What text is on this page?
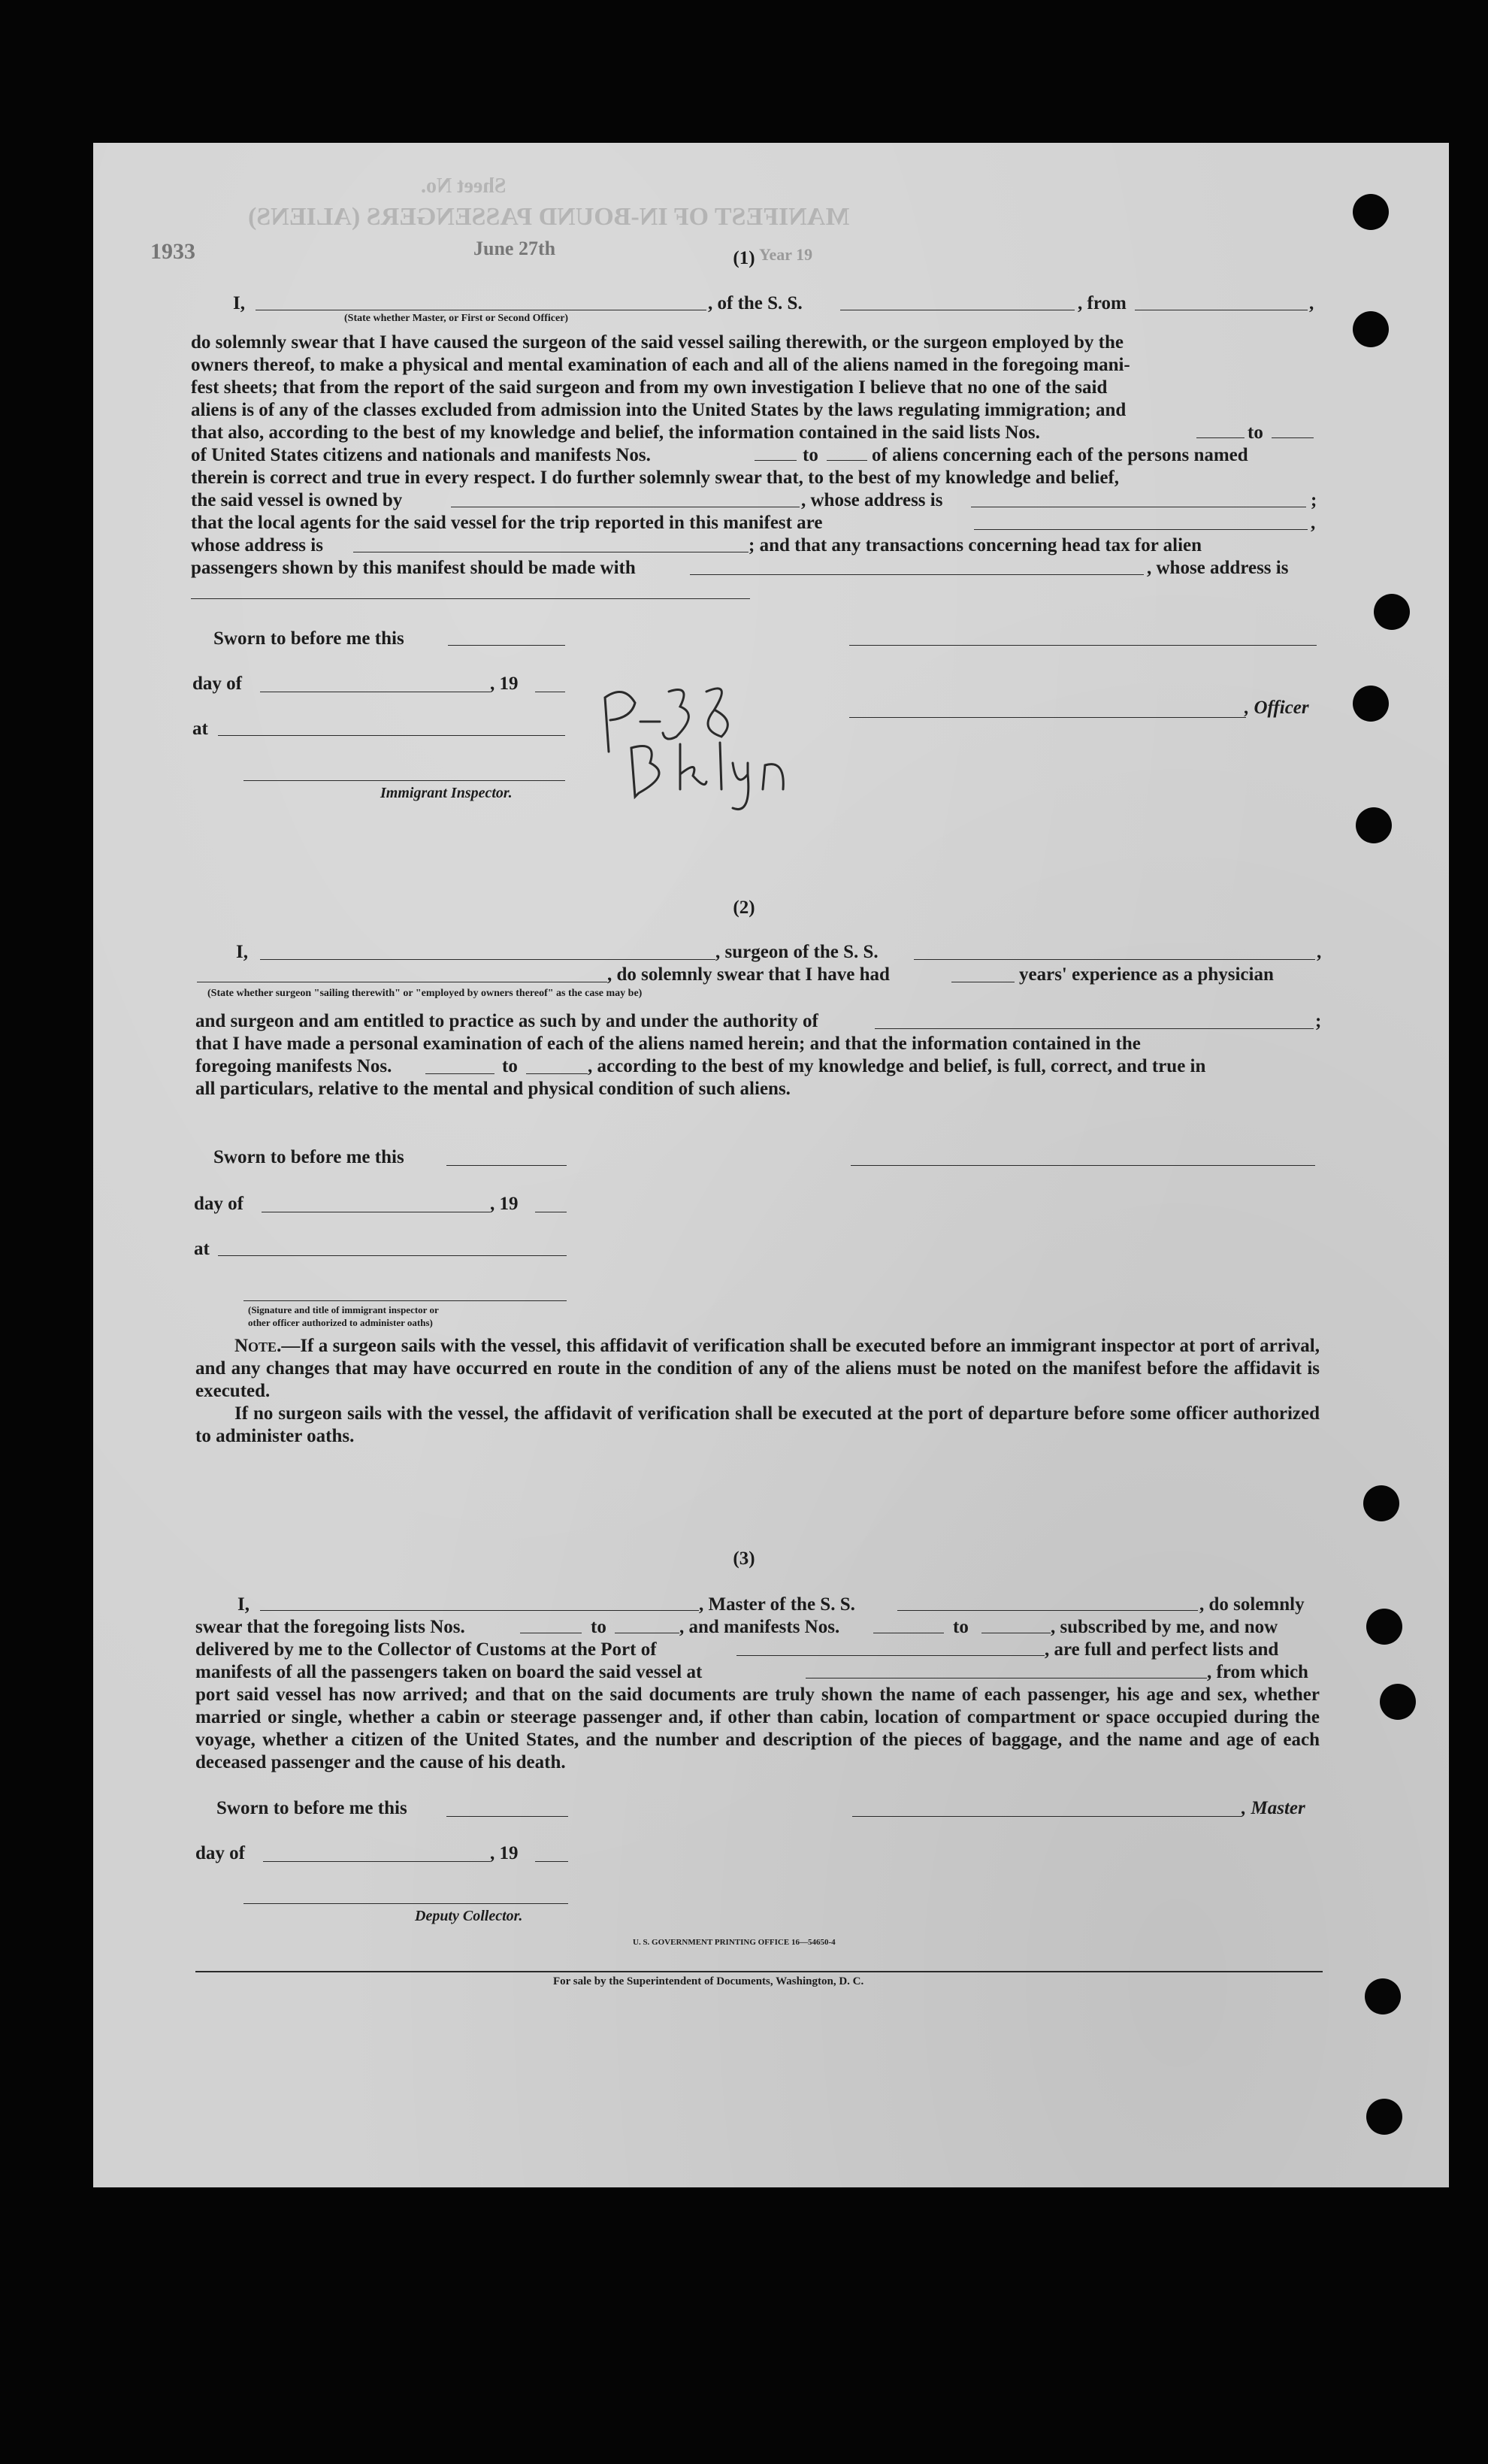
MANIFEST OF IN-BOUND PASSENGERS (ALIENS)
Sheet No.
1933	June 27th	Year 19
(1)
I,	, of the S. S.	, from	,
(State whether Master, or First or Second Officer)
do solemnly swear that I have caused the surgeon of the said vessel sailing therewith, or the surgeon employed by the
owners thereof, to make a physical and mental examination of each and all of the aliens named in the foregoing mani-
fest sheets; that from the report of the said surgeon and from my own investigation I believe that no one of the said
aliens is of any of the classes excluded from admission into the United States by the laws regulating immigration; and
that also, according to the best of my knowledge and belief, the information contained in the said lists Nos.	to
of United States citizens and nationals and manifests Nos.	to	of aliens concerning each of the persons named
therein is correct and true in every respect. I do further solemnly swear that, to the best of my knowledge and belief,
the said vessel is owned by	, whose address is	;
that the local agents for the said vessel for the trip reported in this manifest are	,
whose address is	; and that any transactions concerning head tax for alien
passengers shown by this manifest should be made with	, whose address is
Sworn to before me this
day of	, 19
, Officer
at
Immigrant Inspector.
(2)
I,	, surgeon of the S. S.	,
, do solemnly swear that I have had	years' experience as a physician
(State whether surgeon "sailing therewith" or "employed by owners thereof" as the case may be)
and surgeon and am entitled to practice as such by and under the authority of	;
that I have made a personal examination of each of the aliens named herein; and that the information contained in the
foregoing manifests Nos.	to	, according to the best of my knowledge and belief, is full, correct, and true in
all particulars, relative to the mental and physical condition of such aliens.
Sworn to before me this
day of	, 19
at
(Signature and title of immigrant inspector or
other officer authorized to administer oaths)
Note.—If a surgeon sails with the vessel, this affidavit of verification shall be executed before an immigrant inspector at port of arrival, and any changes that may have occurred en route in the condition of any of the aliens must be noted on the manifest before the affidavit is executed.
If no surgeon sails with the vessel, the affidavit of verification shall be executed at the port of departure before some officer authorized to administer oaths.
(3)
I,	, Master of the S. S.	, do solemnly
swear that the foregoing lists Nos.	to	, and manifests Nos.	to	, subscribed by me, and now
delivered by me to the Collector of Customs at the Port of	, are full and perfect lists and
manifests of all the passengers taken on board the said vessel at	, from which
port said vessel has now arrived; and that on the said documents are truly shown the name of each passenger, his age and sex, whether married or single, whether a cabin or steerage passenger and, if other than cabin, location of compartment or space occupied during the voyage, whether a citizen of the United States, and the number and description of the pieces of baggage, and the name and age of each deceased passenger and the cause of his death.
Sworn to before me this	, Master
day of	, 19
Deputy Collector.
U. S. GOVERNMENT PRINTING OFFICE 16—54650-4
For sale by the Superintendent of Documents, Washington, D. C.
